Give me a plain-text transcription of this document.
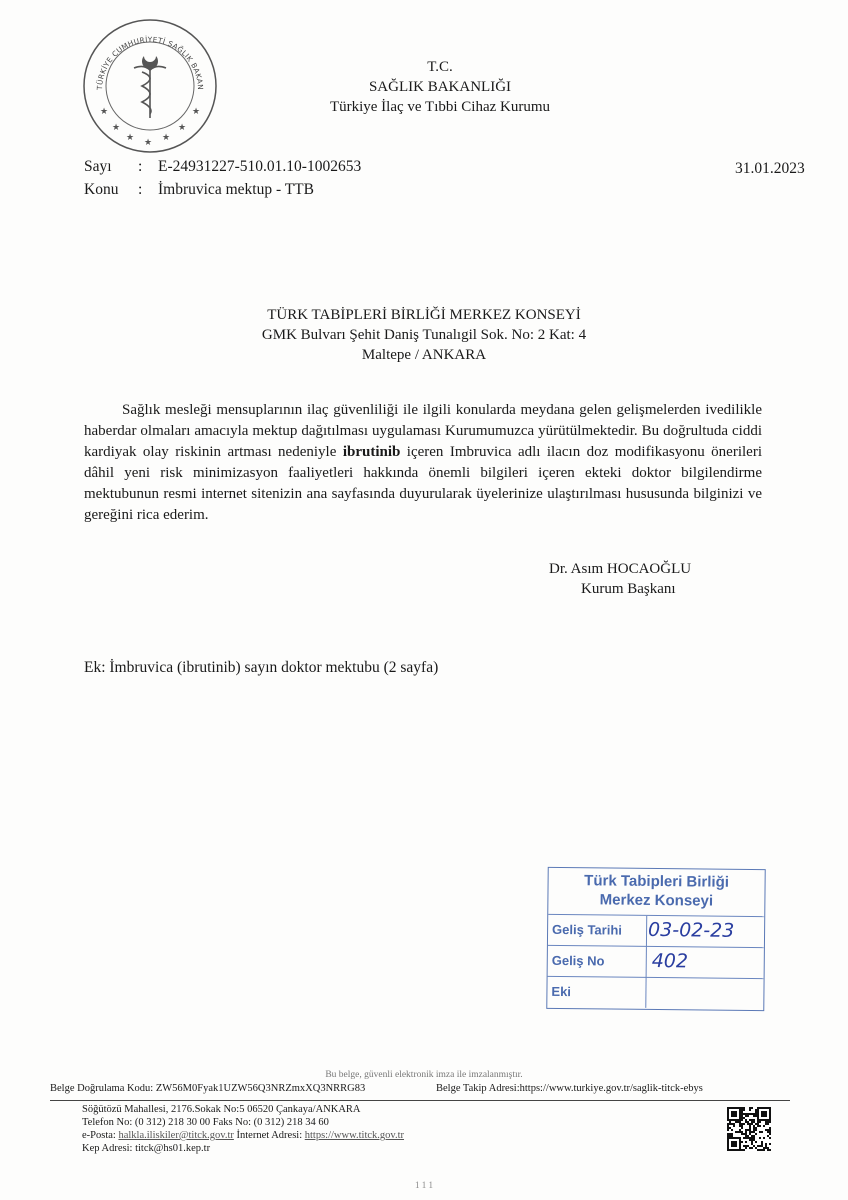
TÜRKİYE CUMHURİYETİ SAĞLIK BAKAN
★
★ ★ ★
★
★	★
T.C.
SAĞLIK BAKANLIĞI
Türkiye İlaç ve Tıbbi Cihaz Kurumu
Sayı : E-24931227-510.01.10-1002653	31.01.2023
Konu : İmbruvica mektup - TTB
TÜRK TABİPLERİ BİRLİĞİ MERKEZ KONSEYİ
GMK Bulvarı Şehit Daniş Tunalıgil Sok. No: 2 Kat: 4
Maltepe / ANKARA
Sağlık mesleği mensuplarının ilaç güvenliliği ile ilgili konularda meydana gelen gelişmelerden ivedilikle haberdar olmaları amacıyla mektup dağıtılması uygulaması Kurumumuzca yürütülmektedir. Bu doğrultuda ciddi kardiyak olay riskinin artması nedeniyle ibrutinib içeren Imbruvica adlı ilacın doz modifikasyonu önerileri dâhil yeni risk minimizasyon faaliyetleri hakkında önemli bilgileri içeren ekteki doktor bilgilendirme mektubunun resmi internet sitenizin ana sayfasında duyurularak üyelerinize ulaştırılması hususunda bilginizi ve gereğini rica ederim.
Dr. Asım HOCAOĞLU
Kurum Başkanı
Ek: İmbruvica (ibrutinib) sayın doktor mektubu (2 sayfa)
Türk Tabipleri Birliği
Merkez Konseyi
Geliş Tarihi 03-02-23
Geliş No 402
Eki
Bu belge, güvenli elektronik imza ile imzalanmıştır.
Belge Doğrulama Kodu: ZW56M0Fyak1UZW56Q3NRZmxXQ3NRRG83	Belge Takip Adresi:https://www.turkiye.gov.tr/saglik-titck-ebys
Söğütözü Mahallesi, 2176.Sokak No:5 06520 Çankaya/ANKARA
Telefon No: (0 312) 218 30 00 Faks No: (0 312) 218 34 60
e-Posta: halkla.iliskiler@titck.gov.tr İnternet Adresi: https://www.titck.gov.tr
Kep Adresi: titck@hs01.kep.tr
1 1 1
